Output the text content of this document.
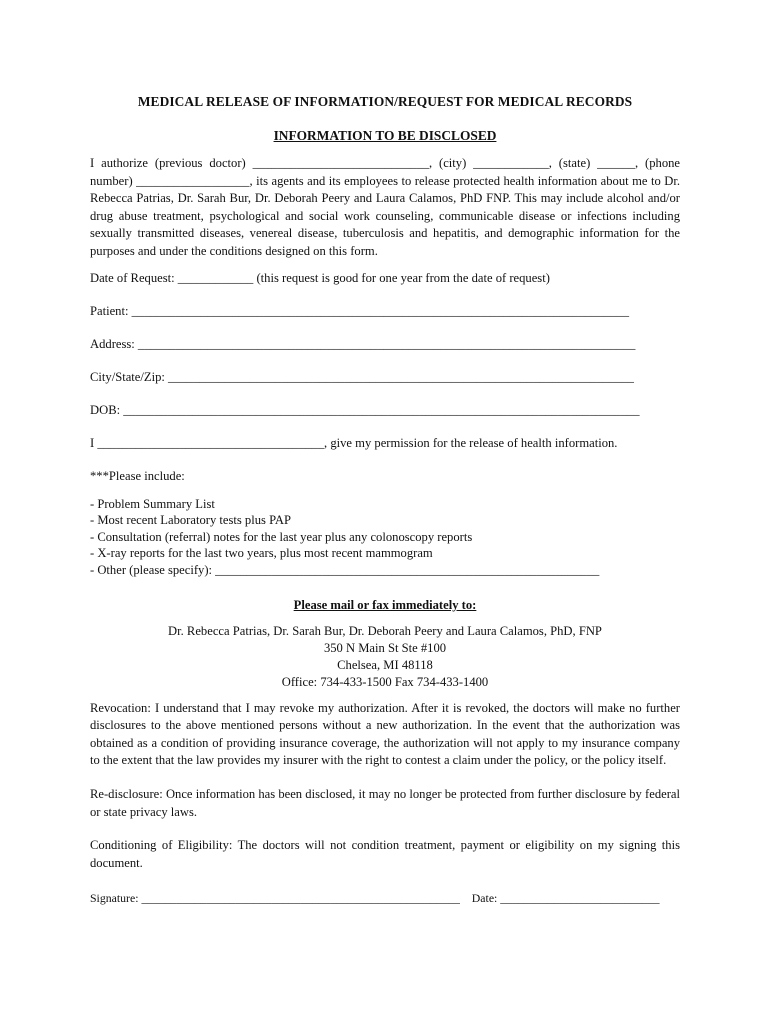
MEDICAL RELEASE OF INFORMATION/REQUEST FOR MEDICAL RECORDS

INFORMATION TO BE DISCLOSED

I authorize (previous doctor) ____________________________, (city) ____________, (state) ______, (phone number) __________________, its agents and its employees to release protected health information about me to Dr. Rebecca Patrias, Dr. Sarah Bur, Dr. Deborah Peery and Laura Calamos, PhD FNP. This may include alcohol and/or drug abuse treatment, psychological and social work counseling, communicable disease or infections including sexually transmitted diseases, venereal disease, tuberculosis and hepatitis, and demographic information for the purposes and under the conditions designed on this form.

Date of Request: ____________ (this request is good for one year from the date of request)

Patient: _______________________________________________________________________________

Address: _______________________________________________________________________________

City/State/Zip: __________________________________________________________________________

DOB: __________________________________________________________________________________

I ____________________________________, give my permission for the release of health information.

***Please include:

- Problem Summary List
- Most recent Laboratory tests plus PAP
- Consultation (referral) notes for the last year plus any colonoscopy reports
- X-ray reports for the last two years, plus most recent mammogram
- Other (please specify): _____________________________________________________________

Please mail or fax immediately to:

Dr. Rebecca Patrias, Dr. Sarah Bur, Dr. Deborah Peery and Laura Calamos, PhD, FNP
350 N Main St Ste #100
Chelsea, MI 48118
Office: 734-433-1500 Fax 734-433-1400

Revocation: I understand that I may revoke my authorization. After it is revoked, the doctors will make no further disclosures to the above mentioned persons without a new authorization. In the event that the authorization was obtained as a condition of providing insurance coverage, the authorization will not apply to my insurance company to the extent that the law provides my insurer with the right to contest a claim under the policy, or the policy itself.

Re-disclosure: Once information has been disclosed, it may no longer be protected from further disclosure by federal or state privacy laws.

Conditioning of Eligibility: The doctors will not condition treatment, payment or eligibility on my signing this document.

Signature: ______________________________________________________ Date: ___________________________
